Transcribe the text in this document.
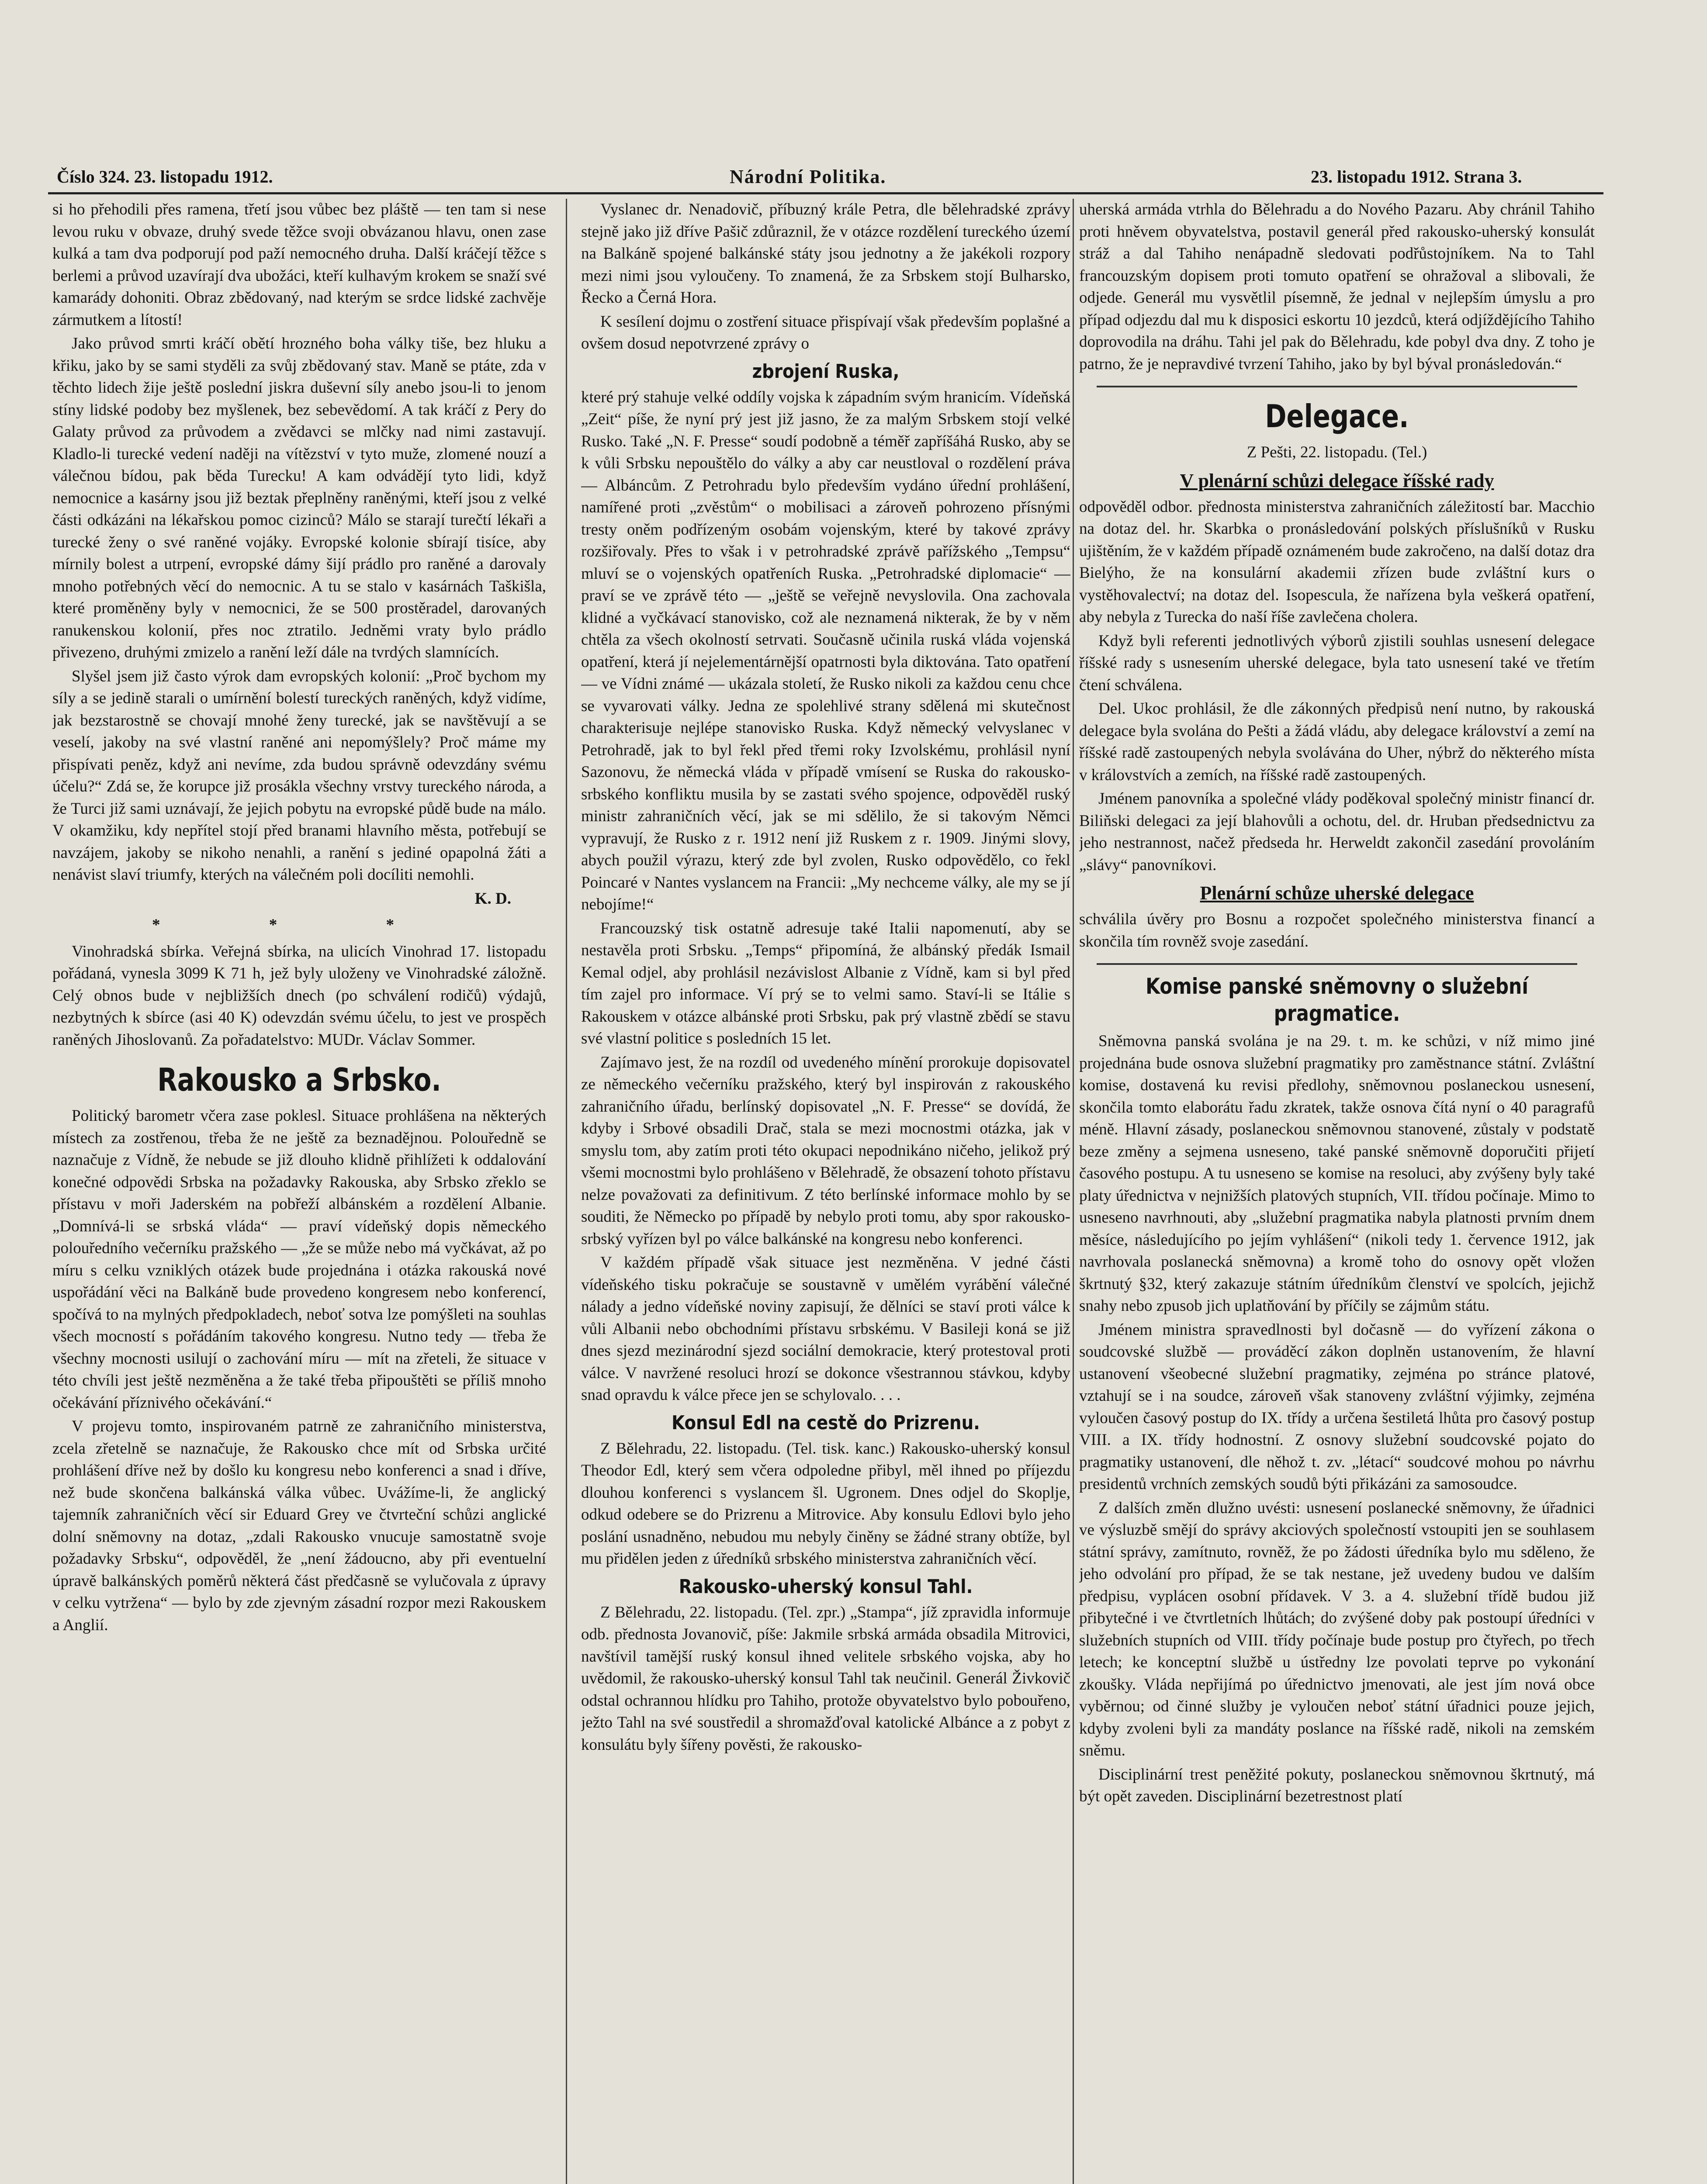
Číslo 324. 23. listopadu 1912.	Národní Politika.	23. listopadu 1912. Strana 3.

si ho přehodili přes ramena, třetí jsou vůbec bez pláště — ten tam si nese levou ruku v obvaze, druhý svede těžce svoji obvázanou hlavu, onen zase kulká a tam dva podporují pod paží nemocného druha. Další kráčejí těžce s berlemi a průvod uzavírají dva ubožáci, kteří kulhavým krokem se snaží své kamarády dohoniti. Obraz zbědovaný, nad kterým se srdce lidské zachvěje zármutkem a lítostí!

Jako průvod smrti kráčí obětí hrozného boha války tiše, bez hluku a křiku, jako by se sami styděli za svůj zbědovaný stav. Maně se ptáte, zda v těchto lidech žije ještě poslední jiskra duševní síly anebo jsou-li to jenom stíny lidské podoby bez myšlenek, bez sebevědomí. A tak kráčí z Pery do Galaty průvod za průvodem a zvědavci se mlčky nad nimi zastavují. Kladlo-li turecké vedení naději na vítězství v tyto muže, zlomené nouzí a válečnou bídou, pak běda Turecku! A kam odvádějí tyto lidi, když nemocnice a kasárny jsou již beztak přeplněny raněnými, kteří jsou z velké části odkázáni na lékařskou pomoc cizinců? Málo se starají turečtí lékaři a turecké ženy o své raněné vojáky. Evropské kolonie sbírají tisíce, aby mírnily bolest a utrpení, evropské dámy šijí prádlo pro raněné a darovaly mnoho potřebných věcí do nemocnic. A tu se stalo v kasárnách Taškišla, které proměněny byly v nemocnici, že se 500 prostěradel, darovaných ranukenskou kolonií, přes noc ztratilo. Jedněmi vraty bylo prádlo přivezeno, druhými zmizelo a ranění leží dále na tvrdých slamnících.

Slyšel jsem již často výrok dam evropských kolonií: „Proč bychom my síly a se jedině starali o umírnění bolestí tureckých raněných, když vidíme, jak bezstarostně se chovají mnohé ženy turecké, jak se navštěvují a se veselí, jakoby na své vlastní raněné ani nepomýšlely? Proč máme my přispívati peněz, když ani nevíme, zda budou správně odevzdány svému účelu?“ Zdá se, že korupce již prosákla všechny vrstvy tureckého národa, a že Turci již sami uznávají, že jejich pobytu na evropské půdě bude na málo. V okamžiku, kdy nepřítel stojí před branami hlavního města, potřebují se navzájem, jakoby se nikoho nenahli, a ranění s jediné opapolná žáti a nenávist slaví triumfy, kterých na válečném poli docíliti nemohli.

K. D.

* * *

Vinohradská sbírka. Veřejná sbírka, na ulicích Vinohrad 17. listopadu pořádaná, vynesla 3099 K 71 h, jež byly uloženy ve Vinohradské záložně. Celý obnos bude v nejbližších dnech (po schválení rodičů) výdajů, nezbytných k sbírce (asi 40 K) odevzdán svému účelu, to jest ve prospěch raněných Jihoslovanů. Za pořadatelstvo: MUDr. Václav Sommer.

Rakousko a Srbsko.

Politický barometr včera zase poklesl. Situace prohlášena na některých místech za zostřenou, třeba že ne ještě za beznadějnou. Polouředně se naznačuje z Vídně, že nebude se již dlouho klidně přihlížeti k oddalování konečné odpovědi Srbska na požadavky Rakouska, aby Srbsko zřeklo se přístavu v moři Jaderském na pobřeží albánském a rozdělení Albanie. „Domnívá-li se srbská vláda“ — praví vídeňský dopis německého polouředního večerníku pražského — „že se může nebo má vyčkávat, až po míru s celku vzniklých otázek bude projednána i otázka rakouská nové uspořádání věci na Balkáně bude provedeno kongresem nebo konferencí, spočívá to na mylných předpokladech, neboť sotva lze pomýšleti na souhlas všech mocností s pořádáním takového kongresu. Nutno tedy — třeba že všechny mocnosti usilují o zachování míru — mít na zřeteli, že situace v této chvíli jest ještě nezměněna a že také třeba připouštěti se příliš mnoho očekávání příznivého očekávání.“

V projevu tomto, inspirovaném patrně ze zahraničního ministerstva, zcela zřetelně se naznačuje, že Rakousko chce mít od Srbska určité prohlášení dříve než by došlo ku kongresu nebo konferenci a snad i dříve, než bude skončena balkánská válka vůbec. Uvážíme-li, že anglický tajemník zahraničních věcí sir Eduard Grey ve čtvrteční schůzi anglické dolní sněmovny na dotaz, „zdali Rakousko vnucuje samostatně svoje požadavky Srbsku“, odpověděl, že „není žádoucno, aby při eventuelní úpravě balkánských poměrů některá část předčasně se vylučovala z úpravy v celku vytržena“ — bylo by zde zjevným zásadní rozpor mezi Rakouskem a Anglií.

Vyslanec dr. Nenadovič, příbuzný krále Petra, dle bělehradské zprávy stejně jako již dříve Pašič zdůraznil, že v otázce rozdělení tureckého území na Balkáně spojené balkánské státy jsou jednotny a že jakékoli rozpory mezi nimi jsou vyloučeny. To znamená, že za Srbskem stojí Bulharsko, Řecko a Černá Hora.

K sesílení dojmu o zostření situace přispívají však především poplašné a ovšem dosud nepotvrzené zprávy o

zbrojení Ruska,

které prý stahuje velké oddíly vojska k západním svým hranicím. Vídeňská „Zeit“ píše, že nyní prý jest již jasno, že za malým Srbskem stojí velké Rusko. Také „N. F. Presse“ soudí podobně a téměř zapříšáhá Rusko, aby se k vůli Srbsku nepouštělo do války a aby car neustloval o rozdělení práva — Albáncům. Z Petrohradu bylo především vydáno úřední prohlášení, namířené proti „zvěstům“ o mobilisaci a zároveň pohrozeno přísnými tresty oněm podřízeným osobám vojenským, které by takové zprávy rozšiřovaly. Přes to však i v petrohradské zprávě pařížského „Tempsu“ mluví se o vojenských opatřeních Ruska. „Petrohradské diplomacie“ — praví se ve zprávě této — „ještě se veřejně nevyslovila. Ona zachovala klidné a vyčkávací stanovisko, což ale neznamená nikterak, že by v něm chtěla za všech okolností setrvati. Současně učinila ruská vláda vojenská opatření, která jí nejelementárnější opatrnosti byla diktována. Tato opatření — ve Vídni známé — ukázala století, že Rusko nikoli za každou cenu chce se vyvarovati války. Jedna ze spolehlivé strany sdělená mi skutečnost charakterisuje nejlépe stanovisko Ruska. Když německý velvyslanec v Petrohradě, jak to byl řekl před třemi roky Izvolskému, prohlásil nyní Sazonovu, že německá vláda v případě vmísení se Ruska do rakousko-srbského konfliktu musila by se zastati svého spojence, odpověděl ruský ministr zahraničních věcí, jak se mi sdělilo, že si takovým Němci vypravují, že Rusko z r. 1912 není již Ruskem z r. 1909. Jinými slovy, abych použil výrazu, který zde byl zvolen, Rusko odpovědělo, co řekl Poincaré v Nantes vyslancem na Francii: „My nechceme války, ale my se jí nebojíme!“

Francouzský tisk ostatně adresuje také Italii napomenutí, aby se nestavěla proti Srbsku. „Temps“ připomíná, že albánský předák Ismail Kemal odjel, aby prohlásil nezávislost Albanie z Vídně, kam si byl před tím zajel pro informace. Ví prý se to velmi samo. Staví-li se Itálie s Rakouskem v otázce albánské proti Srbsku, pak prý vlastně zbědí se stavu své vlastní politice s posledních 15 let.

Zajímavo jest, že na rozdíl od uvedeného mínění prorokuje dopisovatel ze německého večerníku pražského, který byl inspirován z rakouského zahraničního úřadu, berlínský dopisovatel „N. F. Presse“ se dovídá, že kdyby i Srbové obsadili Drač, stala se mezi mocnostmi otázka, jak v smyslu tom, aby zatím proti této okupaci nepodnikáno ničeho, jelikož prý všemi mocnostmi bylo prohlášeno v Bělehradě, že obsazení tohoto přístavu nelze považovati za definitivum. Z této berlínské informace mohlo by se souditi, že Německo po případě by nebylo proti tomu, aby spor rakousko-srbský vyřízen byl po válce balkánské na kongresu nebo konferenci.

V každém případě však situace jest nezměněna. V jedné části vídeňského tisku pokračuje se soustavně v umělém vyrábění válečné nálady a jedno vídeňské noviny zapisují, že dělníci se staví proti válce k vůli Albanii nebo obchodními přístavu srbskému. V Basileji koná se již dnes sjezd mezinárodní sjezd sociální demokracie, který protestoval proti válce. V navržené resoluci hrozí se dokonce všestrannou stávkou, kdyby snad opravdu k válce přece jen se schylovalo. . . .

Konsul Edl na cestě do Prizrenu.

Z Bělehradu, 22. listopadu. (Tel. tisk. kanc.) Rakousko-uherský konsul Theodor Edl, který sem včera odpoledne přibyl, měl ihned po příjezdu dlouhou konferenci s vyslancem šl. Ugronem. Dnes odjel do Skoplje, odkud odebere se do Prizrenu a Mitrovice. Aby konsulu Edlovi bylo jeho poslání usnadněno, nebudou mu nebyly činěny se žádné strany obtíže, byl mu přidělen jeden z úředníků srbského ministerstva zahraničních věcí.

Rakousko-uherský konsul Tahl.

Z Bělehradu, 22. listopadu. (Tel. zpr.) „Stampa“, jíž zpravidla informuje odb. přednosta Jovanovič, píše: Jakmile srbská armáda obsadila Mitrovici, navštívil tamější ruský konsul ihned velitele srbského vojska, aby ho uvědomil, že rakousko-uherský konsul Tahl tak neučinil. Generál Živkovič odstal ochrannou hlídku pro Tahiho, protože obyvatelstvo bylo pobouřeno, ježto Tahl na své soustředil a shromažďoval katolické Albánce a z pobyt z konsulátu byly šířeny pověsti, že rakousko-

uherská armáda vtrhla do Bělehradu a do Nového Pazaru. Aby chránil Tahiho proti hněvem obyvatelstva, postavil generál před rakousko-uherský konsulát stráž a dal Tahiho nenápadně sledovati podřůstojníkem. Na to Tahl francouzským dopisem proti tomuto opatření se ohražoval a slibovali, že odjede. Generál mu vysvětlil písemně, že jednal v nejlepším úmyslu a pro případ odjezdu dal mu k disposici eskortu 10 jezdců, která odjíždějícího Tahiho doprovodila na dráhu. Tahi jel pak do Bělehradu, kde pobyl dva dny. Z toho je patrno, že je nepravdivé tvrzení Tahiho, jako by byl býval pronásledován.“

Delegace.

Z Pešti, 22. listopadu. (Tel.)

V plenární schůzi delegace říšské rady

odpověděl odbor. přednosta ministerstva zahraničních záležitostí bar. Macchio na dotaz del. hr. Skarbka o pronásledování polských příslušníků v Rusku ujištěním, že v každém případě oznámeném bude zakročeno, na další dotaz dra Bielýho, že na konsulární akademii zřízen bude zvláštní kurs o vystěhovalectví; na dotaz del. Isopescula, že nařízena byla veškerá opatření, aby nebyla z Turecka do naší říše zavlečena cholera.

Když byli referenti jednotlivých výborů zjistili souhlas usnesení delegace říšské rady s usnesením uherské delegace, byla tato usnesení také ve třetím čtení schválena.

Del. Ukoc prohlásil, že dle zákonných předpisů není nutno, by rakouská delegace byla svolána do Pešti a žádá vládu, aby delegace království a zemí na říšské radě zastoupených nebyla svolávána do Uher, nýbrž do některého místa v královstvích a zemích, na říšské radě zastoupených.

Jménem panovníka a společné vlády poděkoval společný ministr financí dr. Biliňski delegaci za její blahovůli a ochotu, del. dr. Hruban předsednictvu za jeho nestrannost, načež předseda hr. Herweldt zakončil zasedání provoláním „slávy“ panovníkovi.

Plenární schůze uherské delegace

schválila úvěry pro Bosnu a rozpočet společného ministerstva financí a skončila tím rovněž svoje zasedání.

Komise panské sněmovny o služební pragmatice.

Sněmovna panská svolána je na 29. t. m. ke schůzi, v níž mimo jiné projednána bude osnova služební pragmatiky pro zaměstnance státní. Zvláštní komise, dostavená ku revisi předlohy, sněmovnou poslaneckou usnesení, skončila tomto elaborátu řadu zkratek, takže osnova čítá nyní o 40 paragrafů méně. Hlavní zásady, poslaneckou sněmovnou stanovené, zůstaly v podstatě beze změny a sejmena usneseno, také panské sněmovně doporučiti přijetí časového postupu. A tu usneseno se komise na resoluci, aby zvýšeny byly také platy úřednictva v nejnižších platových stupních, VII. třídou počínaje. Mimo to usneseno navrhnouti, aby „služební pragmatika nabyla platnosti prvním dnem měsíce, následujícího po jejím vyhlášení“ (nikoli tedy 1. července 1912, jak navrhovala poslanecká sněmovna) a kromě toho do osnovy opět vložen škrtnutý §32, který zakazuje státním úředníkům členství ve spolcích, jejichž snahy nebo zpusob jich uplatňování by příčily se zájmům státu.

Jménem ministra spravedlnosti byl dočasně — do vyřízení zákona o soudcovské službě — prováděcí zákon doplněn ustanovením, že hlavní ustanovení všeobecné služební pragmatiky, zejména po stránce platové, vztahují se i na soudce, zároveň však stanoveny zvláštní výjimky, zejména vyloučen časový postup do IX. třídy a určena šestiletá lhůta pro časový postup VIII. a IX. třídy hodnostní. Z osnovy služební soudcovské pojato do pragmatiky ustanovení, dle něhož t. zv. „létací“ soudcové mohou po návrhu presidentů vrchních zemských soudů býti přikázáni za samosoudce.

Z dalších změn dlužno uvésti: usnesení poslanecké sněmovny, že úřadnici ve výsluzbě smějí do správy akciových společností vstoupiti jen se souhlasem státní správy, zamítnuto, rovněž, že po žádosti úředníka bylo mu sděleno, že jeho odvolání pro případ, že se tak nestane, jež uvedeny budou ve dalším předpisu, vyplácen osobní přídavek. V 3. a 4. služební třídě budou již přibytečné i ve čtvrtletních lhůtách; do zvýšené doby pak postoupí úředníci v služebních stupních od VIII. třídy počínaje bude postup pro čtyřech, po třech letech; ke konceptní službě u ústředny lze povolati teprve po vykonání zkoušky. Vláda nepřijímá po úřednictvo jmenovati, ale jest jím nová obce vyběrnou; od činné služby je vyloučen neboť státní úřadnici pouze jejich, kdyby zvoleni byli za mandáty poslance na říšské radě, nikoli na zemském sněmu.

Disciplinární trest peněžité pokuty, poslaneckou sněmovnou škrtnutý, má být opět zaveden. Disciplinární bezetrestnost platí
